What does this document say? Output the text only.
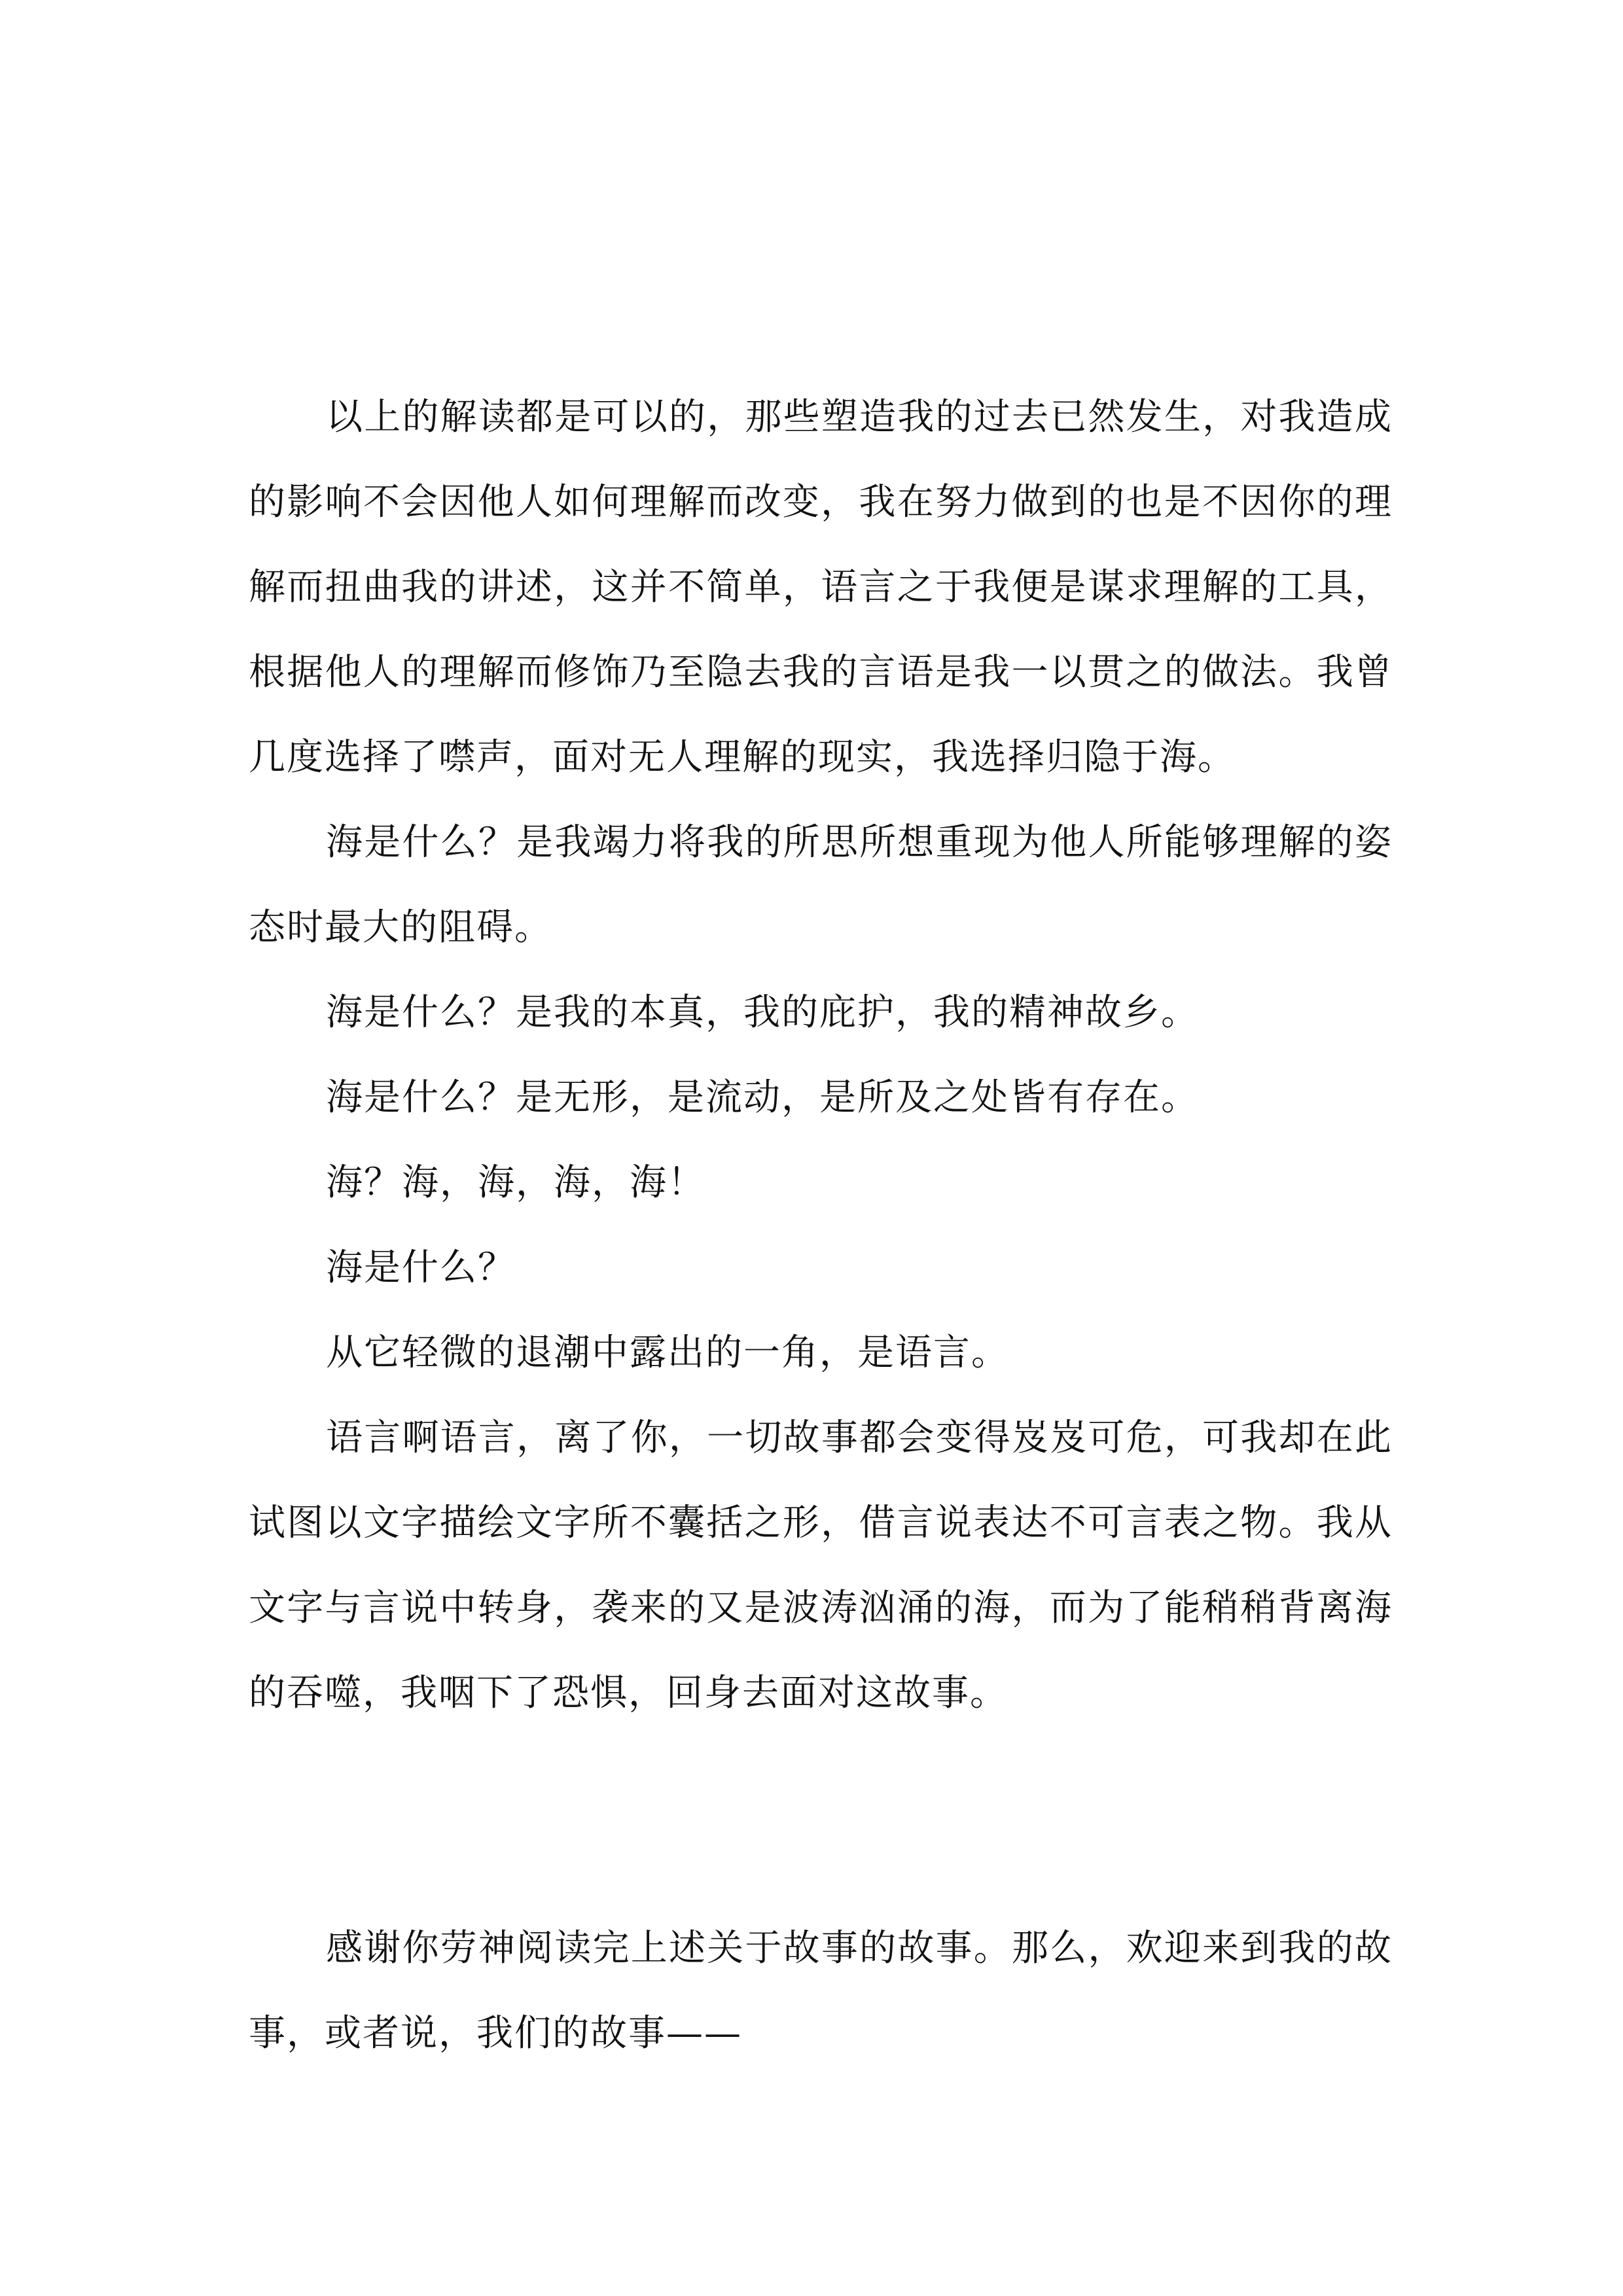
以上的解读都是可以的，那些塑造我的过去已然发生，对我造成的影响不会因他人如何理解而改变，我在努力做到的也是不因你的理解而扭曲我的讲述，这并不简单，语言之于我便是谋求理解的工具，根据他人的理解而修饰乃至隐去我的言语是我一以贯之的做法。我曾几度选择了噤声，面对无人理解的现实，我选择归隐于海。

海是什么？是我竭力将我的所思所想重现为他人所能够理解的姿态时最大的阻碍。

海是什么？是我的本真，我的庇护，我的精神故乡。

海是什么？是无形，是流动，是所及之处皆有存在。

海？海，海，海，海！

海是什么？

从它轻微的退潮中露出的一角，是语言。

语言啊语言，离了你，一切故事都会变得岌岌可危，可我却在此试图以文字描绘文字所不囊括之形，借言说表达不可言表之物。我从文字与言说中转身，袭来的又是波涛汹涌的海，而为了能稍稍背离海的吞噬，我咽下了恐惧，回身去面对这故事。

感谢你劳神阅读完上述关于故事的故事。那么，欢迎来到我的故事，或者说，我们的故事——
